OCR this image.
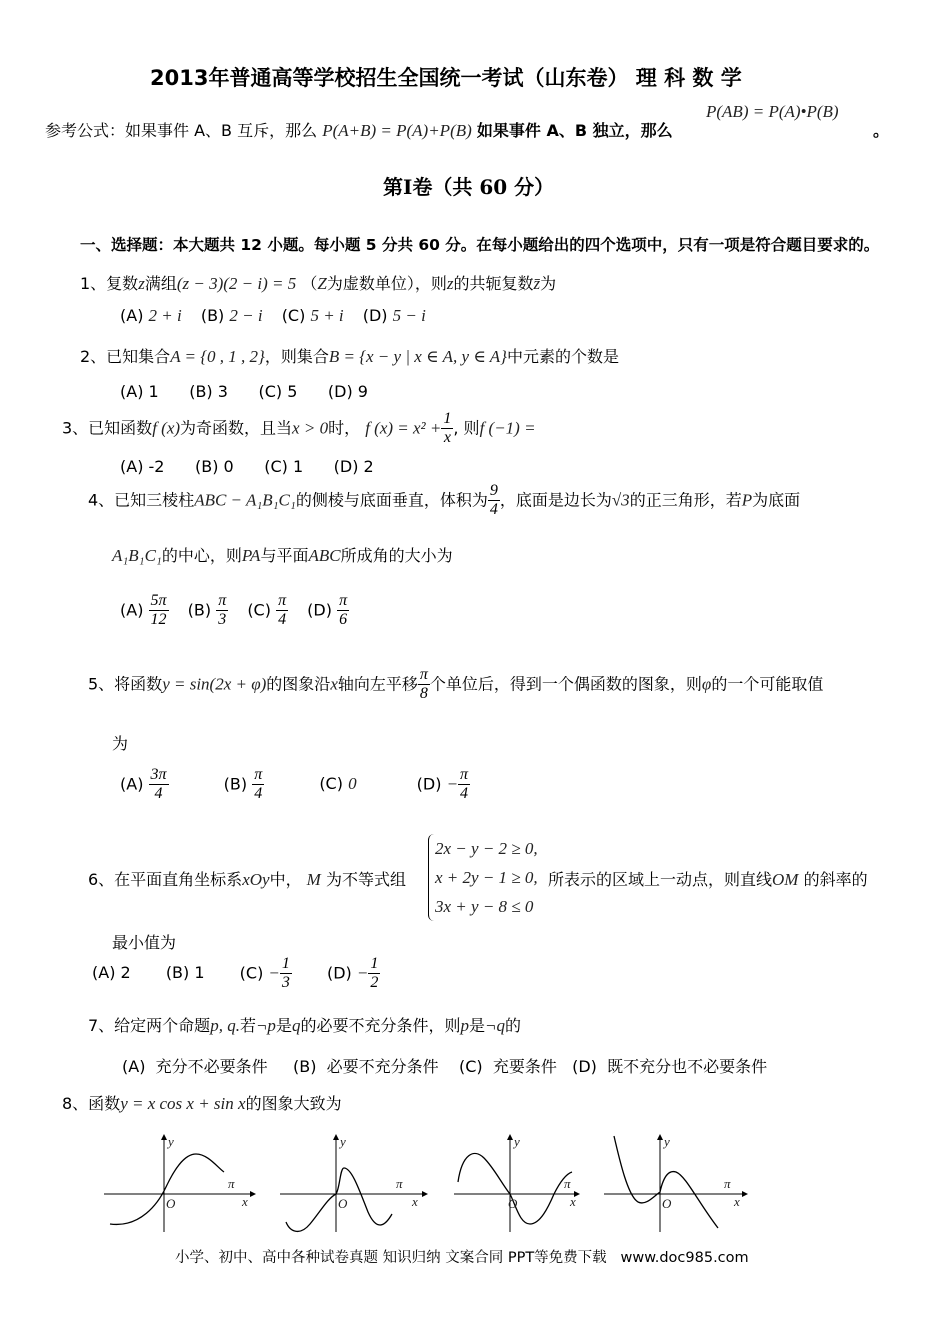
2013年普通高等学校招生全国统一考试（山东卷） 理 科 数 学
参考公式：如果事件 A、B 互斥，那么 P(A+B) = P(A)+P(B) 如果事件 A、B 独立，那么
P(AB) = P(A)•P(B)
。
第Ⅰ卷（共 60 分）
一、选择题：本大题共 12 小题。每小题 5 分共 60 分。在每小题给出的四个选项中，只有一项是符合题目要求的。
1、复数z满组(z − 3)(2 − i) = 5 （Z为虚数单位），则z的共轭复数z̄为
(A) 2 + i (B) 2 − i (C) 5 + i (D) 5 − i
2、已知集合A = {0 , 1 , 2}，则集合B = {x − y | x ∈ A, y ∈ A}中元素的个数是
(A) 1      (B) 3      (C) 5      (D) 9
3、已知函数f (x)为奇函数，且当x > 0时， f $(x) = x^2 + \frac{1}{x}$ , 则f (−1) =
(A) -2      (B) 0      (C) 1      (D) 2
4、已知三棱柱ABC − A₁B₁C₁的侧棱与底面垂直，体积为 $\frac{9}{4}$ ，底面是边长为√3的正三角形，若P为底面
A₁B₁C₁的中心，则PA与平面ABC所成角的大小为
$(A) \frac{5\pi}{12} (B) \frac{\pi}{3} (C) \frac{\pi}{4} (D) \frac{\pi}{6}$
5、将函数y = sin(2x + φ)的图象沿x轴向左平移 $\frac{\pi}{8}$ 个单位后，得到一个偶函数的图象，则φ的一个可能取值
为
$(A) \frac{3\pi}{4}$	$(B) \frac{\pi}{4}$	(C) 0	$(D) - \frac{\pi}{4}$
6、在平面直角坐标系xOy中， M 为不等式组
2x − y − 2 ≥ 0,
x + 2y − 1 ≥ 0,
3x + y − 8 ≤ 0
所表示的区域上一动点，则直线OM 的斜率的
最小值为
(A) 2 (B) 1 $(C) - \frac{1}{3} (D) - \frac{1}{2}$
7、给定两个命题p, q.若¬p是q的必要不充分条件，则p是¬q的
(A)  充分不必要条件     (B)  必要不充分条件    (C)  充要条件   (D)  既不充分也不必要条件
8、函数y = x cos x + sin x的图象大致为
y
x
O
π
y
x
O
π
y
x
O
π
y
x
O
π
小学、初中、高中各种试卷真题 知识归纳 文案合同 PPT等免费下载   www.doc985.com
